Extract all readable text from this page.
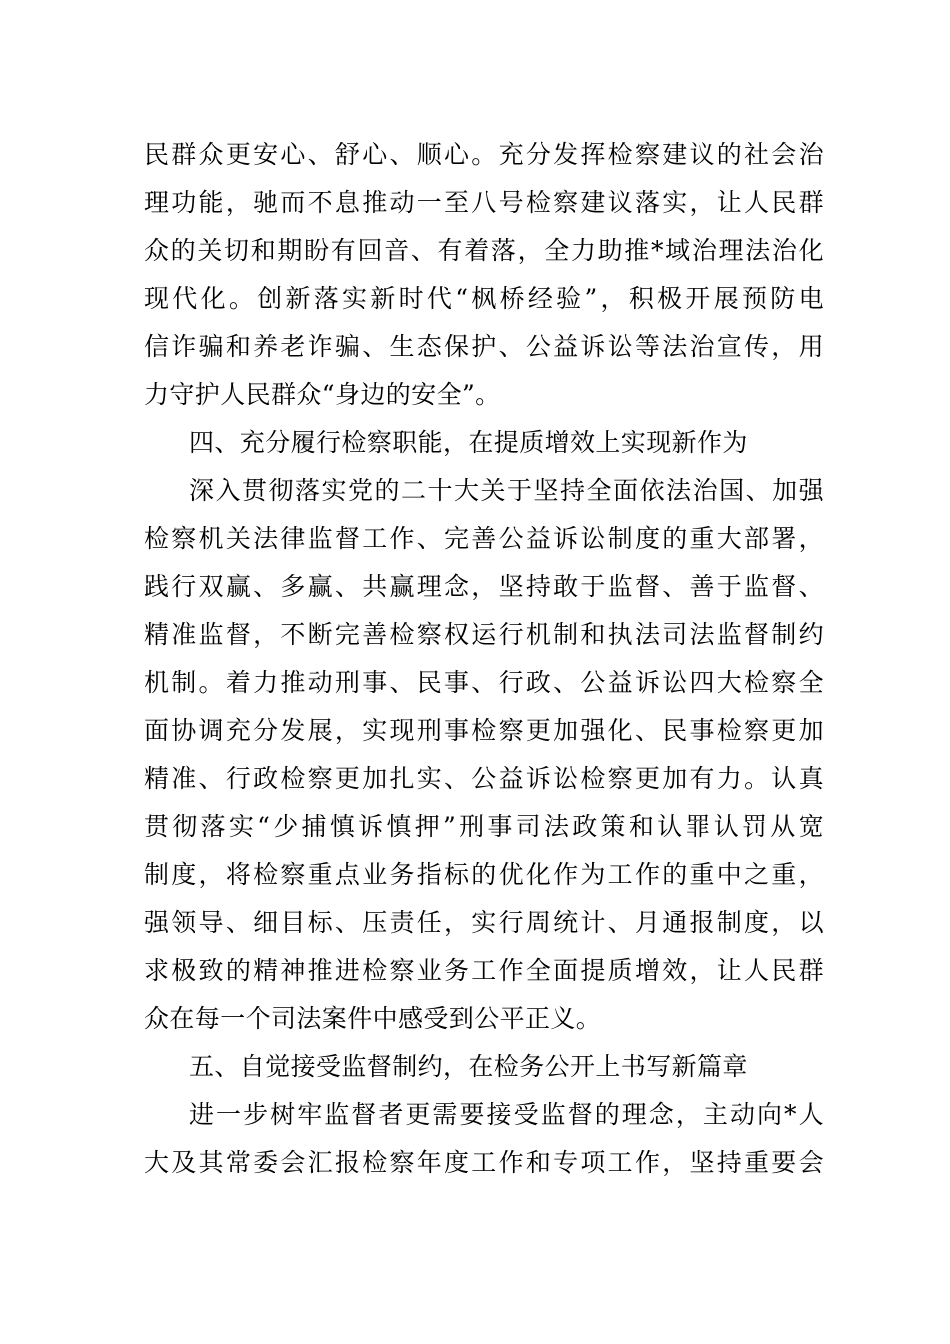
民群众更安心、舒心、顺心。充分发挥检察建议的社会治
理功能，驰而不息推动一至八号检察建议落实，让人民群
众的关切和期盼有回音、有着落，全力助推*域治理法治化
现代化。创新落实新时代“枫桥经验”，积极开展预防电
信诈骗和养老诈骗、生态保护、公益诉讼等法治宣传，用
力守护人民群众“身边的安全”。
四、充分履行检察职能，在提质增效上实现新作为
深入贯彻落实党的二十大关于坚持全面依法治国、加强
检察机关法律监督工作、完善公益诉讼制度的重大部署，
践行双赢、多赢、共赢理念，坚持敢于监督、善于监督、
精准监督，不断完善检察权运行机制和执法司法监督制约
机制。着力推动刑事、民事、行政、公益诉讼四大检察全
面协调充分发展，实现刑事检察更加强化、民事检察更加
精准、行政检察更加扎实、公益诉讼检察更加有力。认真
贯彻落实“少捕慎诉慎押”刑事司法政策和认罪认罚从宽
制度，将检察重点业务指标的优化作为工作的重中之重，
强领导、细目标、压责任，实行周统计、月通报制度，以
求极致的精神推进检察业务工作全面提质增效，让人民群
众在每一个司法案件中感受到公平正义。
五、自觉接受监督制约，在检务公开上书写新篇章
进一步树牢监督者更需要接受监督的理念，主动向*人
大及其常委会汇报检察年度工作和专项工作，坚持重要会
